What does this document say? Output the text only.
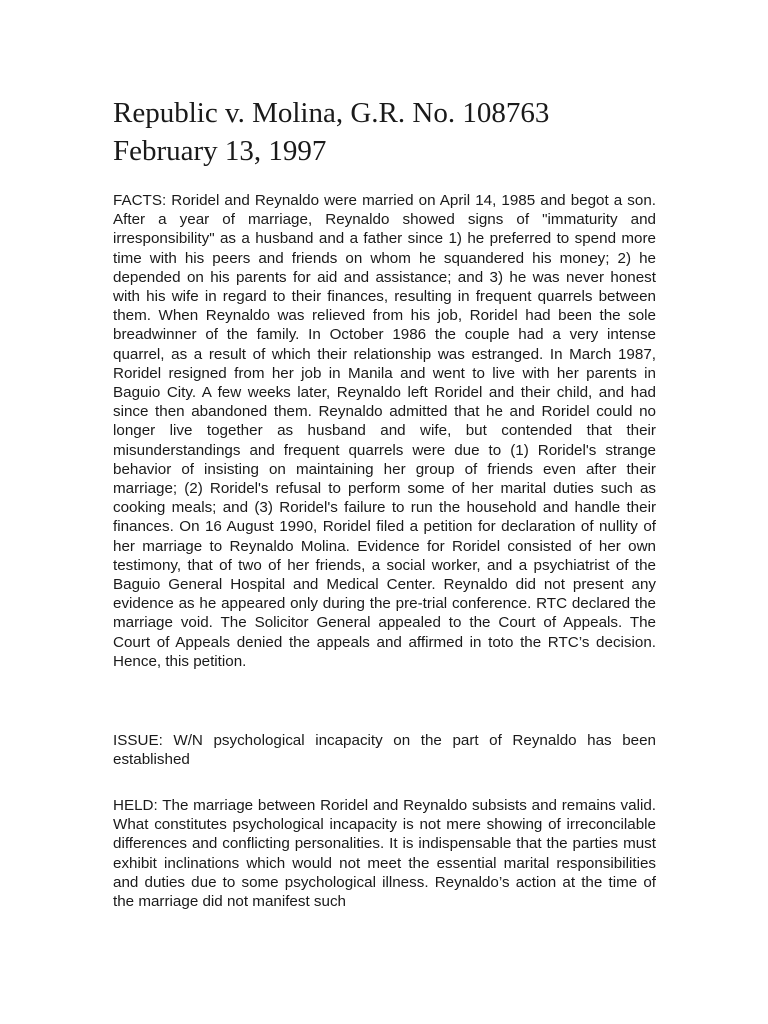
Republic v. Molina, G.R. No. 108763
February 13, 1997

FACTS: Roridel and Reynaldo were married on April 14, 1985 and begot a son. After a year of marriage, Reynaldo showed signs of "immaturity and irresponsibility" as a husband and a father since 1) he preferred to spend more time with his peers and friends on whom he squandered his money; 2) he depended on his parents for aid and assistance; and 3) he was never honest with his wife in regard to their finances, resulting in frequent quarrels between them. When Reynaldo was relieved from his job, Roridel had been the sole breadwinner of the family. In October 1986 the couple had a very intense quarrel, as a result of which their relationship was estranged. In March 1987, Roridel resigned from her job in Manila and went to live with her parents in Baguio City. A few weeks later, Reynaldo left Roridel and their child, and had since then abandoned them. Reynaldo admitted that he and Roridel could no longer live together as husband and wife, but contended that their misunderstandings and frequent quarrels were due to (1) Roridel's strange behavior of insisting on maintaining her group of friends even after their marriage; (2) Roridel's refusal to perform some of her marital duties such as cooking meals; and (3) Roridel's failure to run the household and handle their finances. On 16 August 1990, Roridel filed a petition for declaration of nullity of her marriage to Reynaldo Molina. Evidence for Roridel consisted of her own testimony, that of two of her friends, a social worker, and a psychiatrist of the Baguio General Hospital and Medical Center. Reynaldo did not present any evidence as he appeared only during the pre-trial conference. RTC declared the marriage void. The Solicitor General appealed to the Court of Appeals. The Court of Appeals denied the appeals and affirmed in toto the RTC’s decision. Hence, this petition.

ISSUE: W/N psychological incapacity on the part of Reynaldo has been established

HELD: The marriage between Roridel and Reynaldo subsists and remains valid. What constitutes psychological incapacity is not mere showing of irreconcilable differences and conflicting personalities. It is indispensable that the parties must exhibit inclinations which would not meet the essential marital responsibilities and duties due to some psychological illness. Reynaldo’s action at the time of the marriage did not manifest such
